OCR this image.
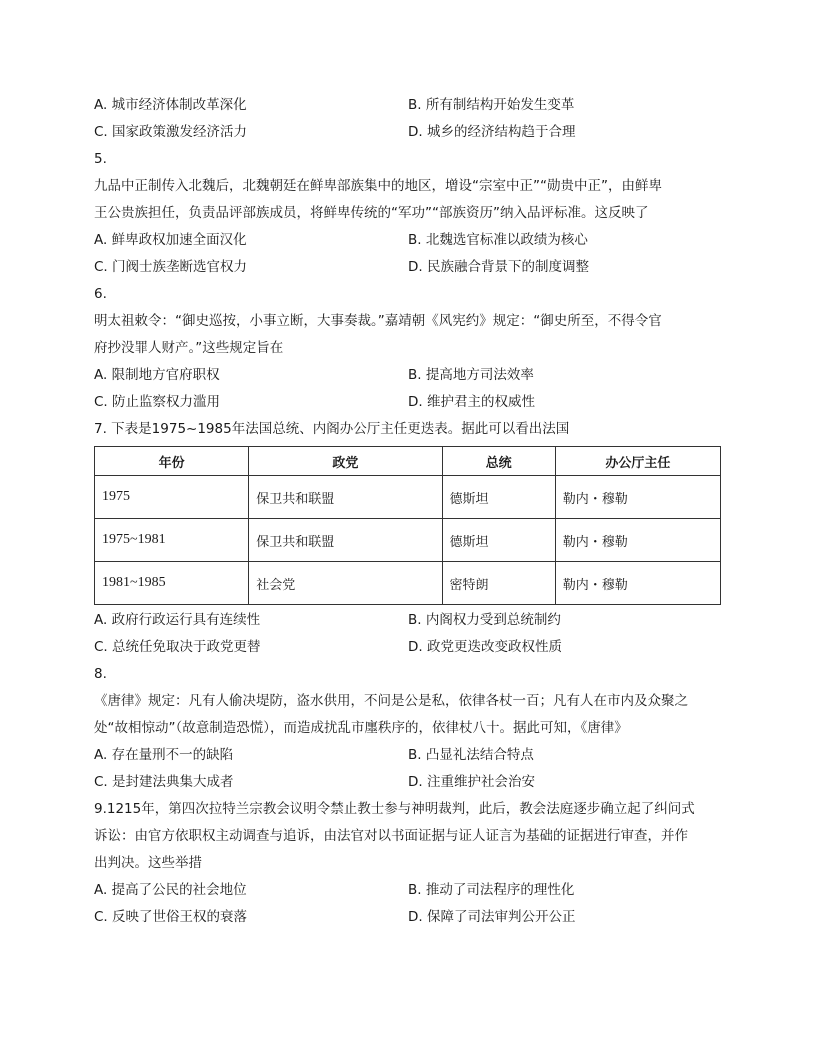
A. 城市经济体制改革深化	B. 所有制结构开始发生变革
C. 国家政策激发经济活力	D. 城乡的经济结构趋于合理
5.
九品中正制传入北魏后，北魏朝廷在鲜卑部族集中的地区，增设“宗室中正”“勋贵中正”，由鲜卑
王公贵族担任，负责品评部族成员，将鲜卑传统的“军功”“部族资历”纳入品评标准。这反映了
A. 鲜卑政权加速全面汉化	B. 北魏选官标准以政绩为核心
C. 门阀士族垄断选官权力	D. 民族融合背景下的制度调整
6.
明太祖敕令：“御史巡按，小事立断，大事奏裁。”嘉靖朝《风宪约》规定：“御史所至，不得令官
府抄没罪人财产。”这些规定旨在
A. 限制地方官府职权	B. 提高地方司法效率
C. 防止监察权力滥用	D. 维护君主的权威性
7. 下表是1975~1985年法国总统、内阁办公厅主任更迭表。据此可以看出法国
年份	政党	总统	办公厅主任
1975	保卫共和联盟	德斯坦	勒内・穆勒
1975~1981	保卫共和联盟	德斯坦	勒内・穆勒
1981~1985	社会党	密特朗	勒内・穆勒
A. 政府行政运行具有连续性	B. 内阁权力受到总统制约
C. 总统任免取决于政党更替	D. 政党更迭改变政权性质
8.
《唐律》规定：凡有人偷决堤防，盗水供用，不问是公是私，依律各杖一百；凡有人在市内及众聚之
处“故相惊动”（故意制造恐慌），而造成扰乱市廛秩序的，依律杖八十。据此可知，《唐律》
A. 存在量刑不一的缺陷	B. 凸显礼法结合特点
C. 是封建法典集大成者	D. 注重维护社会治安
9.1215年，第四次拉特兰宗教会议明令禁止教士参与神明裁判，此后，教会法庭逐步确立起了纠问式
诉讼：由官方依职权主动调查与追诉，由法官对以书面证据与证人证言为基础的证据进行审查，并作
出判决。这些举措
A. 提高了公民的社会地位	B. 推动了司法程序的理性化
C. 反映了世俗王权的衰落	D. 保障了司法审判公开公正
